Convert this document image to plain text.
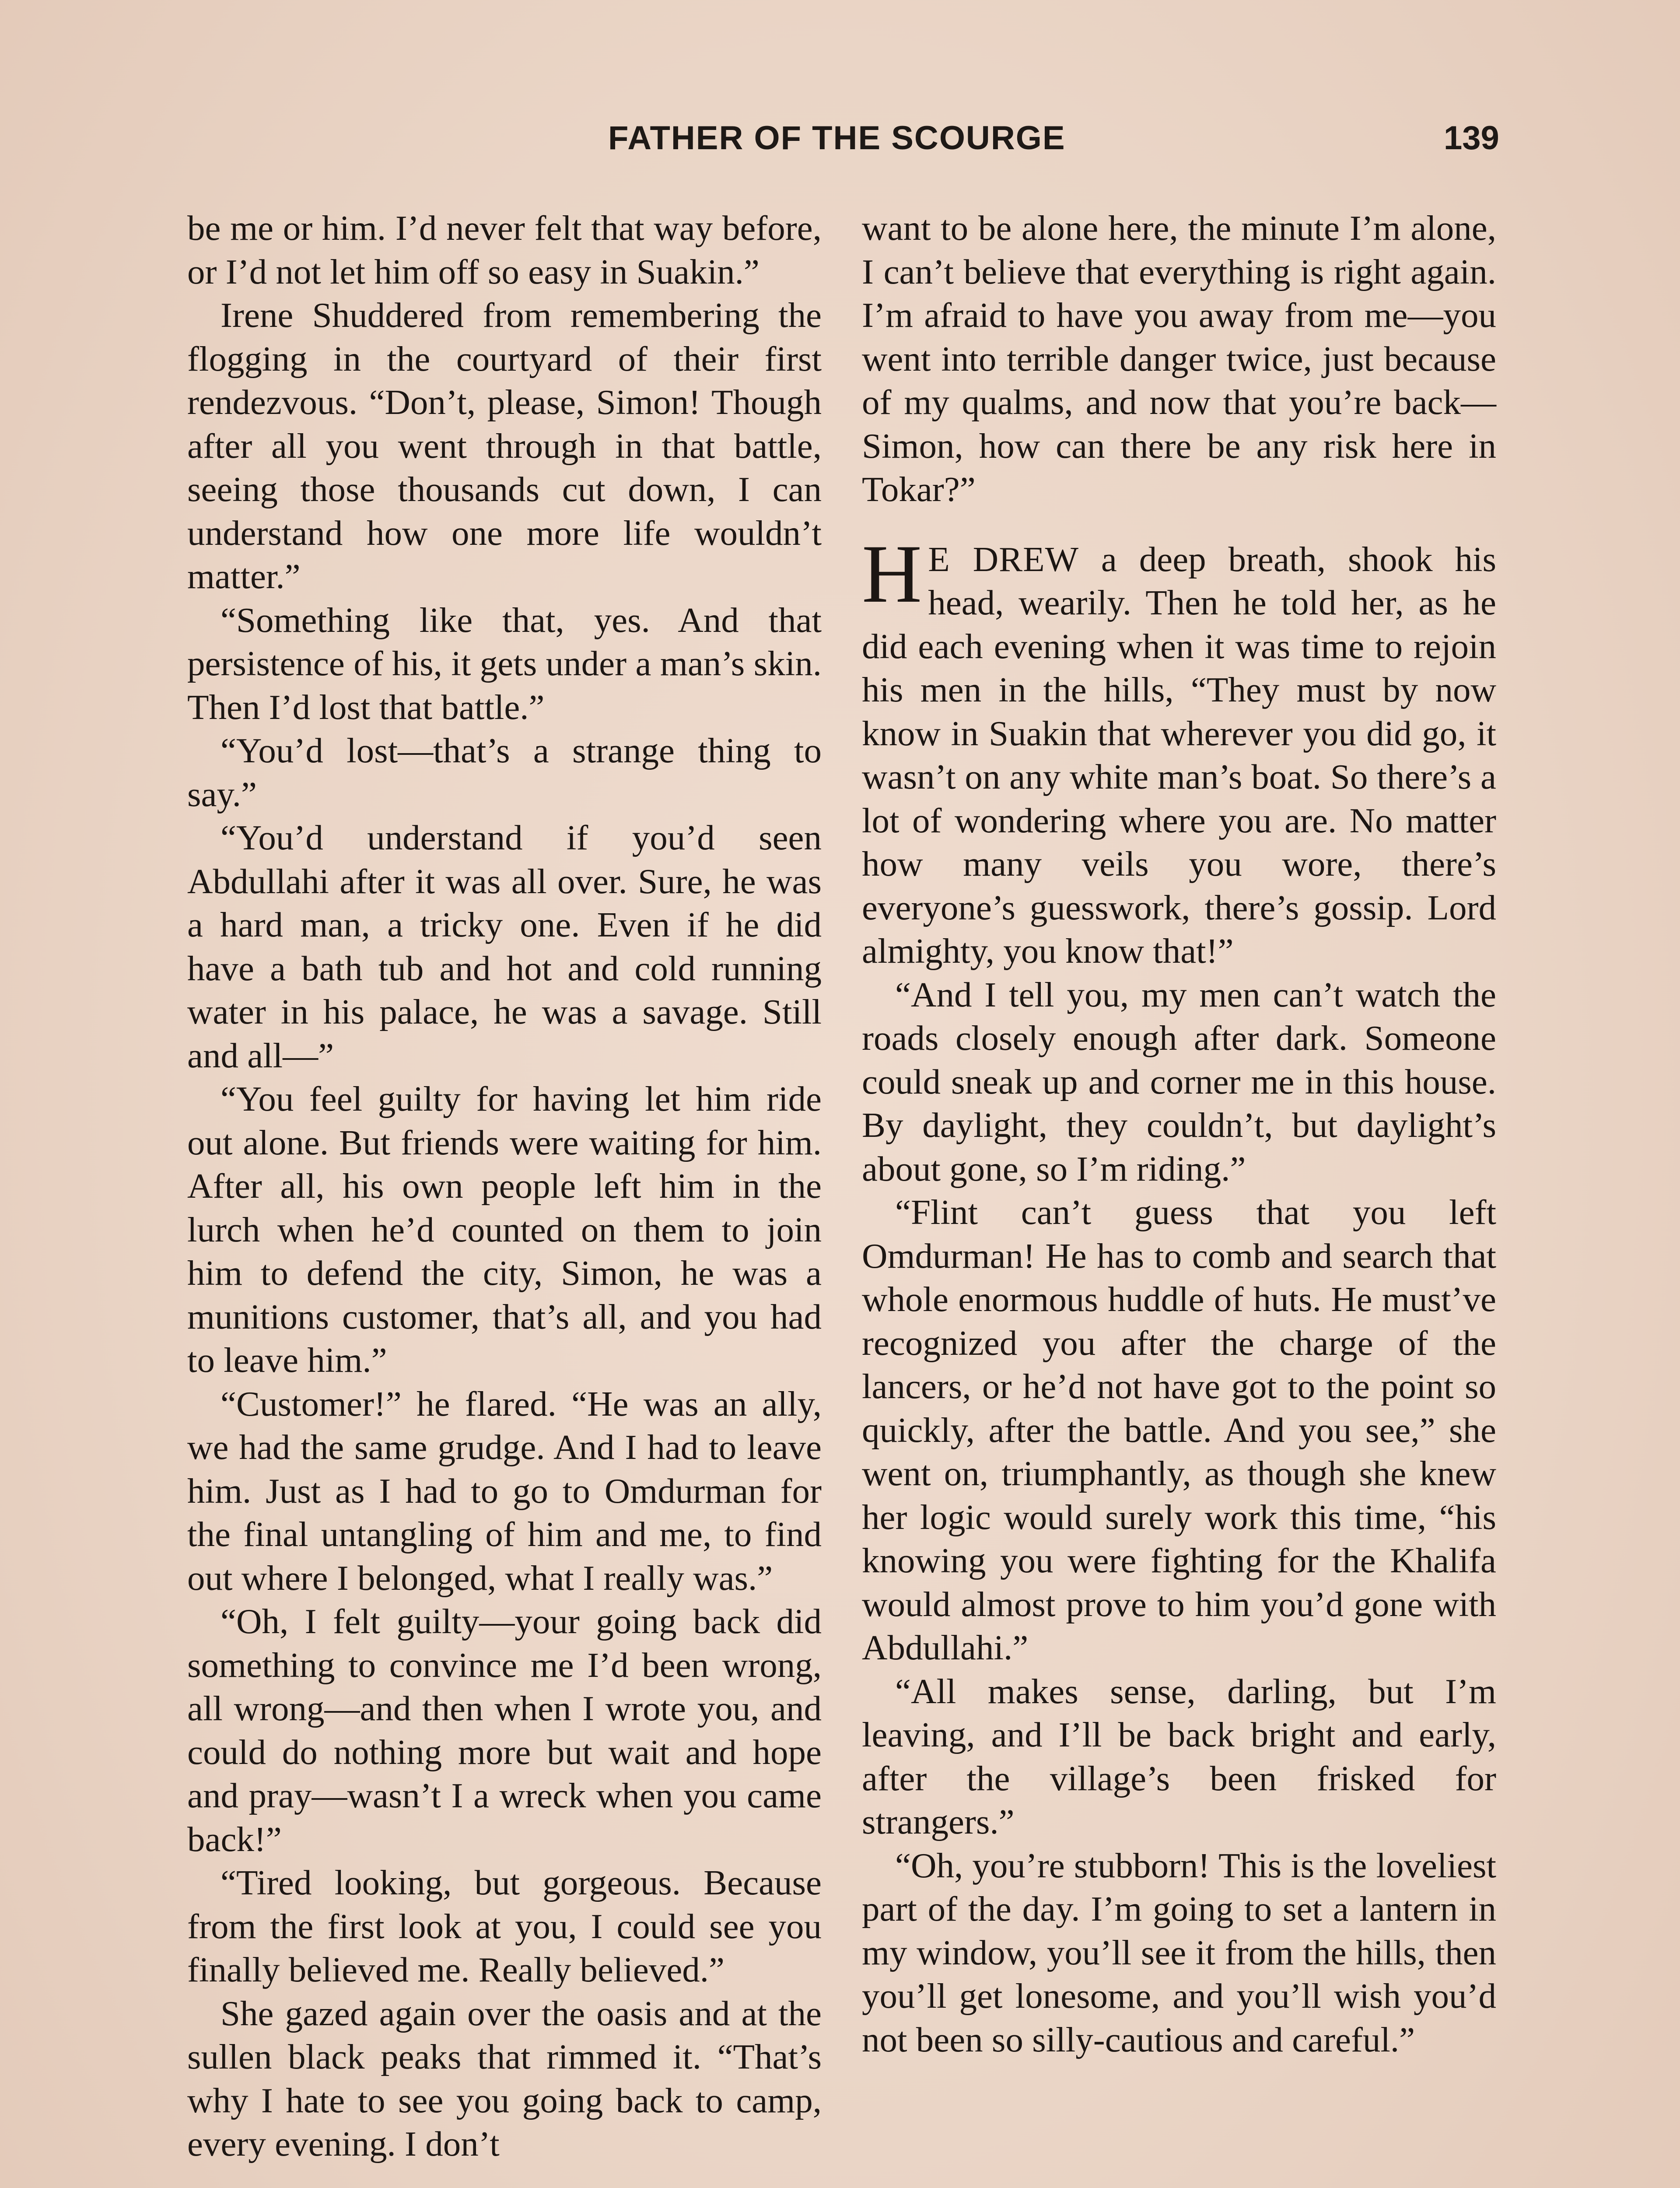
FATHER OF THE SCOURGE	139

be me or him. I’d never felt that way before, or I’d not let him off so easy in Suakin.”

Irene Shuddered from remembering the flogging in the courtyard of their first rendezvous. “Don’t, please, Simon! Though after all you went through in that battle, seeing those thousands cut down, I can understand how one more life wouldn’t matter.”

“Something like that, yes. And that persistence of his, it gets under a man’s skin. Then I’d lost that battle.”

“You’d lost—that’s a strange thing to say.”

“You’d understand if you’d seen Abdullahi after it was all over. Sure, he was a hard man, a tricky one. Even if he did have a bath tub and hot and cold running water in his palace, he was a savage. Still and all—”

“You feel guilty for having let him ride out alone. But friends were waiting for him. After all, his own people left him in the lurch when he’d counted on them to join him to defend the city, Simon, he was a munitions customer, that’s all, and you had to leave him.”

“Customer!” he flared. “He was an ally, we had the same grudge. And I had to leave him. Just as I had to go to Omdurman for the final untangling of him and me, to find out where I belonged, what I really was.”

“Oh, I felt guilty—your going back did something to convince me I’d been wrong, all wrong—and then when I wrote you, and could do nothing more but wait and hope and pray—wasn’t I a wreck when you came back!”

“Tired looking, but gorgeous. Because from the first look at you, I could see you finally believed me. Really believed.”

She gazed again over the oasis and at the sullen black peaks that rimmed it. “That’s why I hate to see you going back to camp, every evening. I don’t

want to be alone here, the minute I’m alone, I can’t believe that everything is right again. I’m afraid to have you away from me—you went into terrible danger twice, just because of my qualms, and now that you’re back—Simon, how can there be any risk here in Tokar?”

H E DREW a deep breath, shook his head, wearily. Then he told her, as he did each evening when it was time to rejoin his men in the hills, “They must by now know in Suakin that wherever you did go, it wasn’t on any white man’s boat. So there’s a lot of wondering where you are. No matter how many veils you wore, there’s everyone’s guesswork, there’s gossip. Lord almighty, you know that!”

“And I tell you, my men can’t watch the roads closely enough after dark. Someone could sneak up and corner me in this house. By daylight, they couldn’t, but daylight’s about gone, so I’m riding.”

“Flint can’t guess that you left Omdurman! He has to comb and search that whole enormous huddle of huts. He must’ve recognized you after the charge of the lancers, or he’d not have got to the point so quickly, after the battle. And you see,” she went on, triumphantly, as though she knew her logic would surely work this time, “his knowing you were fighting for the Khalifa would almost prove to him you’d gone with Abdullahi.”

“All makes sense, darling, but I’m leaving, and I’ll be back bright and early, after the village’s been frisked for strangers.”

“Oh, you’re stubborn! This is the loveliest part of the day. I’m going to set a lantern in my window, you’ll see it from the hills, then you’ll get lonesome, and you’ll wish you’d not been so silly-cautious and careful.”
